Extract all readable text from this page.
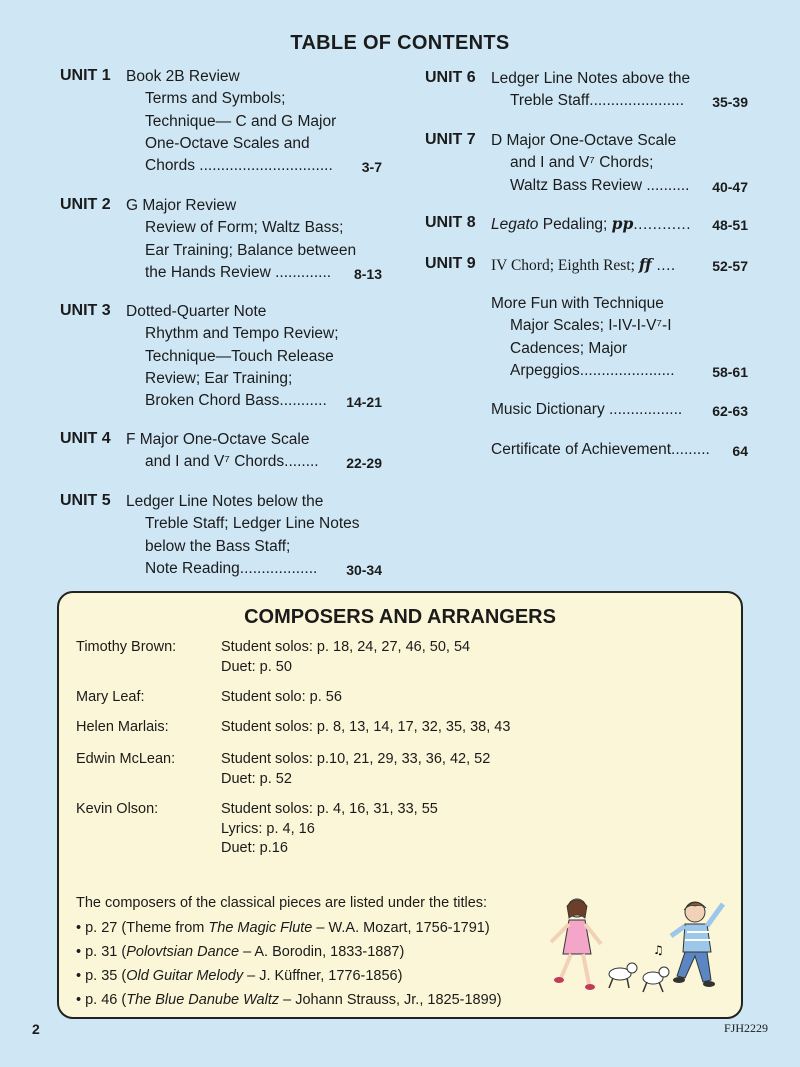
TABLE OF CONTENTS
UNIT 1 Book 2B Review
Terms and Symbols;
Technique— C and G Major
One-Octave Scales and
Chords ............................... 3-7
UNIT 2 G Major Review
Review of Form; Waltz Bass;
Ear Training; Balance between
the Hands Review ............. 8-13
UNIT 3 Dotted-Quarter Note
Rhythm and Tempo Review;
Technique—Touch Release
Review; Ear Training;
Broken Chord Bass........... 14-21
UNIT 4 F Major One-Octave Scale
and I and V⁷ Chords........ 22-29
UNIT 5 Ledger Line Notes below the
Treble Staff; Ledger Line Notes
below the Bass Staff;
Note Reading.................. 30-34
UNIT 6 Ledger Line Notes above the
Treble Staff...................... 35-39
UNIT 7 D Major One-Octave Scale
and I and V⁷ Chords;
Waltz Bass Review .......... 40-47
UNIT 8 Legato Pedaling; pp............ 48-51
UNIT 9 IV Chord; Eighth Rest; ff ....	52-57
More Fun with Technique
Major Scales; I-IV-I-V⁷-I
Cadences; Major
Arpeggios......................	58-61
Music Dictionary ................. 62-63
Certificate of Achievement......... 64
COMPOSERS AND ARRANGERS
Timothy Brown:	Student solos: p. 18, 24, 27, 46, 50, 54
Duet: p. 50
Mary Leaf:	Student solo: p. 56
Helen Marlais:	Student solos: p. 8, 13, 14, 17, 32, 35, 38, 43
Edwin McLean:	Student solos: p.10, 21, 29, 33, 36, 42, 52
Duet: p. 52
Kevin Olson:	Student solos: p. 4, 16, 31, 33, 55
Lyrics: p. 4, 16
Duet: p.16
The composers of the classical pieces are listed under the titles:
• p. 27 (Theme from The Magic Flute – W.A. Mozart, 1756-1791)
• p. 31 (Polovtsian Dance – A. Borodin, 1833-1887)
• p. 35 (Old Guitar Melody – J. Küffner, 1776-1856)
• p. 46 (The Blue Danube Waltz – Johann Strauss, Jr., 1825-1899)
♫
2	FJH2229
